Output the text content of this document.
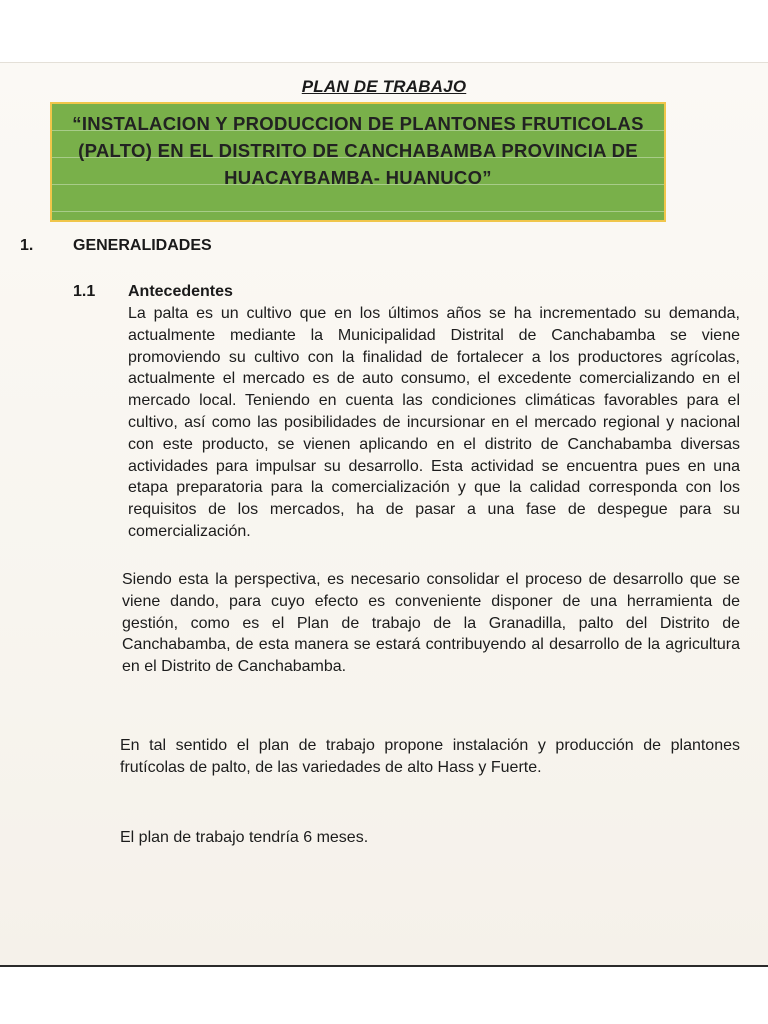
PLAN DE TRABAJO
“INSTALACION Y PRODUCCION DE PLANTONES FRUTICOLAS (PALTO) EN EL DISTRITO DE CANCHABAMBA PROVINCIA DE HUACAYBAMBA- HUANUCO”
1. GENERALIDADES
1.1 Antecedentes

La palta es un cultivo que en los últimos años se ha incrementado su demanda, actualmente mediante la Municipalidad Distrital de Canchabamba se viene promoviendo su cultivo con la finalidad de fortalecer a los productores agrícolas, actualmente el mercado es de auto consumo, el excedente comercializando en el mercado local. Teniendo en cuenta las condiciones climáticas favorables para el cultivo, así como las posibilidades de incursionar en el mercado regional y nacional con este producto, se vienen aplicando en el distrito de Canchabamba diversas actividades para impulsar su desarrollo. Esta actividad se encuentra pues en una etapa preparatoria para la comercialización y que la calidad corresponda con los requisitos de los mercados, ha de pasar a una fase de despegue para su comercialización.

Siendo esta la perspectiva, es necesario consolidar el proceso de desarrollo que se viene dando, para cuyo efecto es conveniente disponer de una herramienta de gestión, como es el Plan de trabajo de la Granadilla, palto del Distrito de Canchabamba, de esta manera se estará contribuyendo al desarrollo de la agricultura en el Distrito de Canchabamba.

En tal sentido el plan de trabajo propone instalación y producción de plantones frutícolas de palto, de las variedades de alto Hass y Fuerte.

El plan de trabajo tendría 6 meses.
